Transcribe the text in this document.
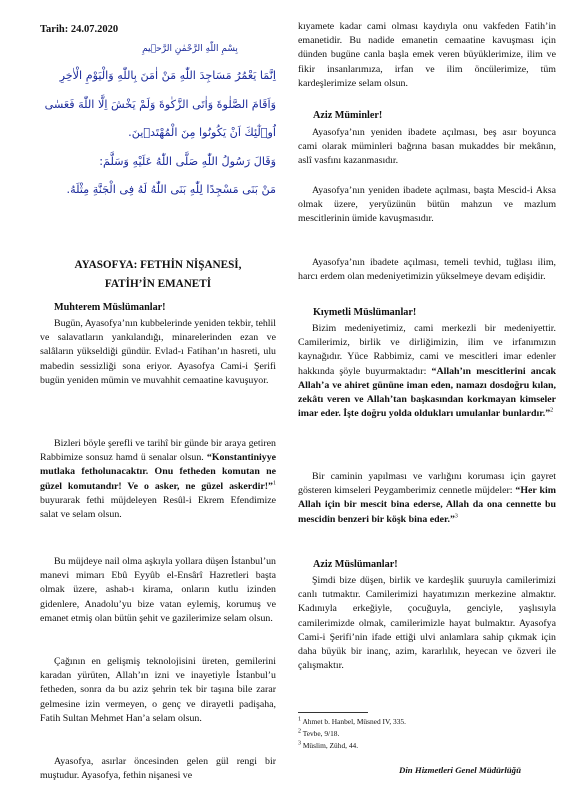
Tarih: 24.07.2020
بِسْمِ اللّٰهِ الرَّحْمٰنِ الرَّح۪يمِ
اِنَّمَا يَعْمُرُ مَسَاجِدَ اللّٰهِ مَنْ اٰمَنَ بِاللّٰهِ وَالْيَوْمِ الْاٰخِرِ
وَاَقَامَ الصَّلٰوةَ وَاٰتَى الزَّكٰوةَ وَلَمْ يَخْشَ اِلَّا اللّٰهَ فَعَسٰى
اُو۬لٰٓئِكَ اَنْ يَكُونُوا مِنَ الْمُهْتَد۪ينَ.
وَقَالَ رَسُولُ اللّٰهِ صَلَّى اللّٰهُ عَلَيْهِ وَسَلَّمَ:
مَنْ بَنَى مَسْجِدًا لِلّٰهِ بَنَى اللّٰهُ لَهُ فِى الْجَنَّةِ مِثْلَهُ.
AYASOFYA: FETHİN NİŞANESİ,
FATİH’İN EMANETİ
Muhterem Müslümanlar!

Bugün, Ayasofya’nın kubbelerinde yeniden tekbir, tehlil ve salavatların yankılandığı, minarelerinden ezan ve salâların yükseldiği gündür. Evlad-ı Fatihan’ın hasreti, ulu mabedin sessizliği sona eriyor. Ayasofya Cami-i Şerifi bugün yeniden mümin ve muvahhit cemaatine kavuşuyor.

Bizleri böyle şerefli ve tarihî bir günde bir araya getiren Rabbimize sonsuz hamd ü senalar olsun. “Konstantiniyye mutlaka fetholunacaktır. Onu fetheden komutan ne güzel komutandır! Ve o asker, ne güzel askerdir!”$^1$ buyurarak fethi müjdeleyen Resûl-i Ekrem Efendimize salat ve selam olsun.

Bu müjdeye nail olma aşkıyla yollara düşen İstanbul’un manevi mimarı Ebû Eyyûb el-Ensârî Hazretleri başta olmak üzere, ashab-ı kirama, onların kutlu izinden gidenlere, Anadolu’yu bize vatan eylemiş, korumuş ve emanet etmiş olan bütün şehit ve gazilerimize selam olsun.

Çağının en gelişmiş teknolojisini üreten, gemilerini karadan yürüten, Allah’ın izni ve inayetiyle İstanbul’u fetheden, sonra da bu aziz şehrin tek bir taşına bile zarar gelmesine izin vermeyen, o genç ve dirayetli padişaha, Fatih Sultan Mehmet Han’a selam olsun.

Ayasofya, asırlar öncesinden gelen gül rengi bir muştudur. Ayasofya, fethin nişanesi ve

kıyamete kadar cami olması kaydıyla onu vakfeden Fatih’in emanetidir. Bu nadide emanetin cemaatine kavuşması için dünden bugüne canla başla emek veren büyüklerimize, ilim ve fikir insanlarımıza, irfan ve ilim öncülerimize, tüm kardeşlerimize selam olsun.

Aziz Müminler!

Ayasofya’nın yeniden ibadete açılması, beş asır boyunca cami olarak müminleri bağrına basan mukaddes bir mekânın, aslî vasfını kazanmasıdır.

Ayasofya’nın yeniden ibadete açılması, başta Mescid-i Aksa olmak üzere, yeryüzünün bütün mahzun ve mazlum mescitlerinin ümide kavuşmasıdır.

Ayasofya’nın ibadete açılması, temeli tevhid, tuğlası ilim, harcı erdem olan medeniyetimizin yükselmeye devam edişidir.

Kıymetli Müslümanlar!

Bizim medeniyetimiz, cami merkezli bir medeniyettir. Camilerimiz, birlik ve dirliğimizin, ilim ve irfanımızın kaynağıdır. Yüce Rabbimiz, cami ve mescitleri imar edenler hakkında şöyle buyurmaktadır: “Allah’ın mescitlerini ancak Allah’a ve ahiret gününe iman eden, namazı dosdoğru kılan, zekâtı veren ve Allah’tan başkasından korkmayan kimseler imar eder. İşte doğru yolda oldukları umulanlar bunlardır.”$^2$

Bir caminin yapılması ve varlığını koruması için gayret gösteren kimseleri Peygamberimiz cennetle müjdeler: “Her kim Allah için bir mescit bina ederse, Allah da ona cennette bu mescidin benzeri bir köşk bina eder.”$^3$

Aziz Müslümanlar!

Şimdi bize düşen, birlik ve kardeşlik şuuruyla camilerimizi canlı tutmaktır. Camilerimizi hayatımızın merkezine almaktır. Kadınıyla erkeğiyle, çocuğuyla, genciyle, yaşlısıyla camilerimizde olmak, camilerimizle hayat bulmaktır. Ayasofya Cami-i Şerifi’nin ifade ettiği ulvi anlamlara sahip çıkmak için daha büyük bir inanç, azim, kararlılık, heyecan ve özveri ile çalışmaktır.

$^1$ Ahmet b. Hanbel, Müsned IV, 335.
$^2$ Tevbe, 9/18.
$^3$ Müslim, Zühd, 44.
Din Hizmetleri Genel Müdürlüğü
